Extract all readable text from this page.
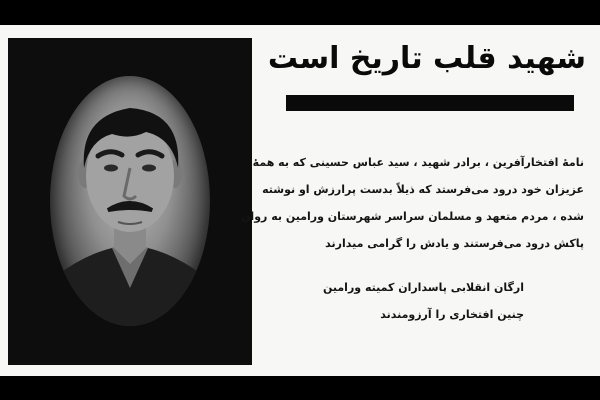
شهید قلب تاریخ است
نامهٔ افتخارآفرین ، برادر شهید ، سید عباس حسینی که به همهٔ
عزیزان خود درود می‌فرستد که ذیلاً بدست پرارزش او نوشته
شده ، مردم متعهد و مسلمان سراسر شهرستان ورامین به روان
پاکش درود می‌فرستند و یادش را گرامی میدارند
ارگان انقلابی پاسداران کمیته ورامین
چنین افتخاری را آرزومندند
